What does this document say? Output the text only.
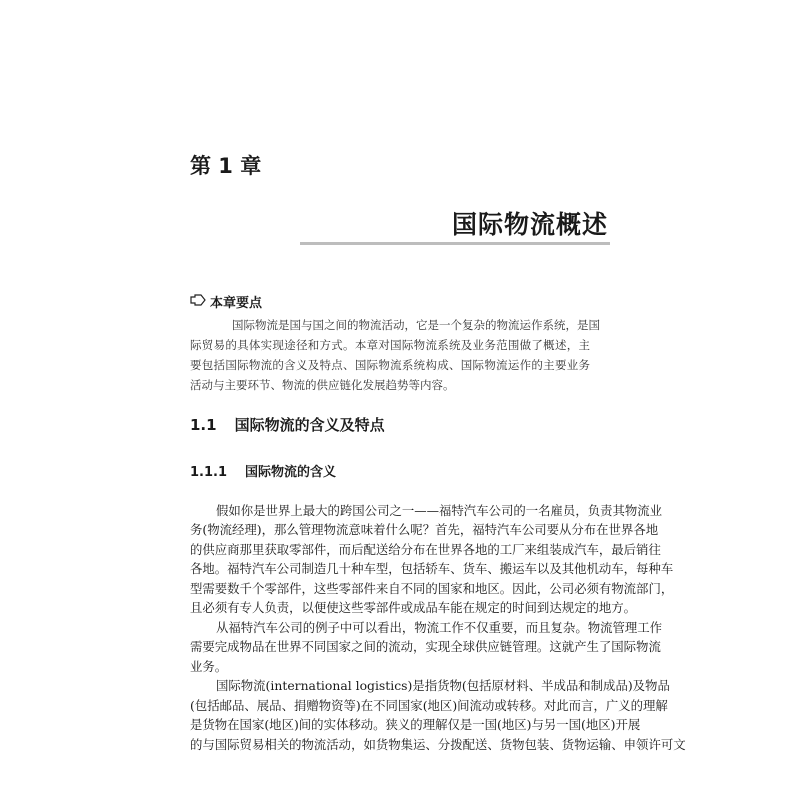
第 1 章
国际物流概述
本章要点
国际物流是国与国之间的物流活动，它是一个复杂的物流运作系统，是国
际贸易的具体实现途径和方式。本章对国际物流系统及业务范围做了概述，主
要包括国际物流的含义及特点、国际物流系统构成、国际物流运作的主要业务
活动与主要环节、物流的供应链化发展趋势等内容。
1.1 国际物流的含义及特点
1.1.1 国际物流的含义
假如你是世界上最大的跨国公司之一——福特汽车公司的一名雇员，负责其物流业
务(物流经理)，那么管理物流意味着什么呢？首先，福特汽车公司要从分布在世界各地
的供应商那里获取零部件，而后配送给分布在世界各地的工厂来组装成汽车，最后销往
各地。福特汽车公司制造几十种车型，包括轿车、货车、搬运车以及其他机动车，每种车
型需要数千个零部件，这些零部件来自不同的国家和地区。因此，公司必须有物流部门，
且必须有专人负责，以便使这些零部件或成品车能在规定的时间到达规定的地方。
从福特汽车公司的例子中可以看出，物流工作不仅重要，而且复杂。物流管理工作
需要完成物品在世界不同国家之间的流动，实现全球供应链管理。这就产生了国际物流
业务。
国际物流(international logistics)是指货物(包括原材料、半成品和制成品)及物品
(包括邮品、展品、捐赠物资等)在不同国家(地区)间流动或转移。对此而言，广义的理解
是货物在国家(地区)间的实体移动。狭义的理解仅是一国(地区)与另一国(地区)开展
的与国际贸易相关的物流活动，如货物集运、分拨配送、货物包装、货物运输、申领许可文
